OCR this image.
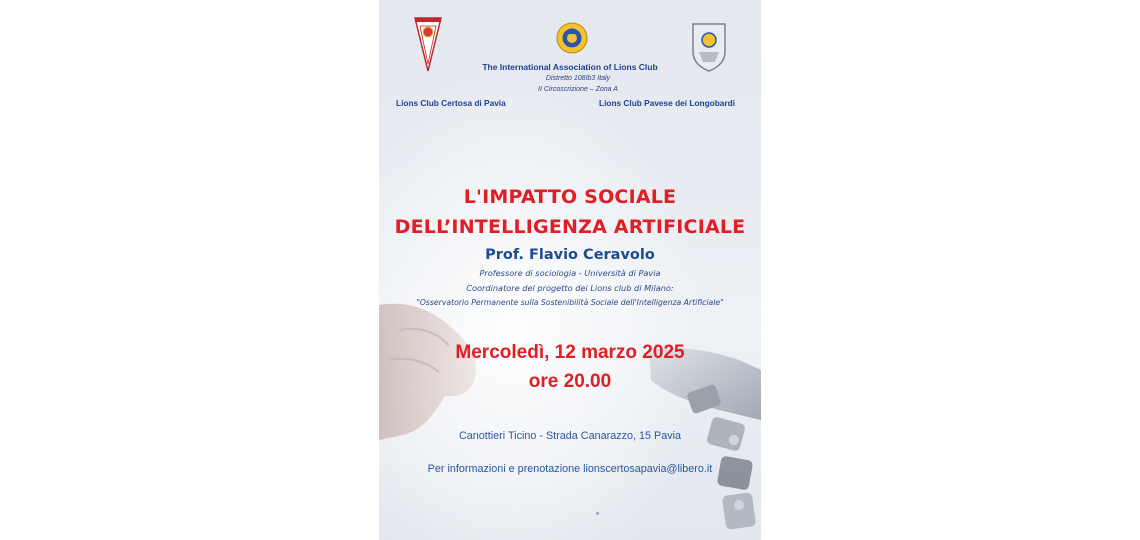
The International Association of Lions Club
Distretto 108Ib3 Italy
II Circoscrizione – Zona A
Lions Club Certosa di Pavia	Lions Club Pavese dei Longobardi
L'IMPATTO SOCIALE
DELL’INTELLIGENZA ARTIFICIALE
Prof. Flavio Ceravolo
Professore di sociologia - Università di Pavia
Coordinatore del progetto dei Lions club di Milano:
"Osservatorio Permanente sulla Sostenibilità Sociale dell'Intelligenza Artificiale"
Mercoledì, 12 marzo 2025
ore 20.00
Canottieri Ticino - Strada Canarazzo, 15 Pavia
Per informazioni e prenotazione lionscertosapavia@libero.it
